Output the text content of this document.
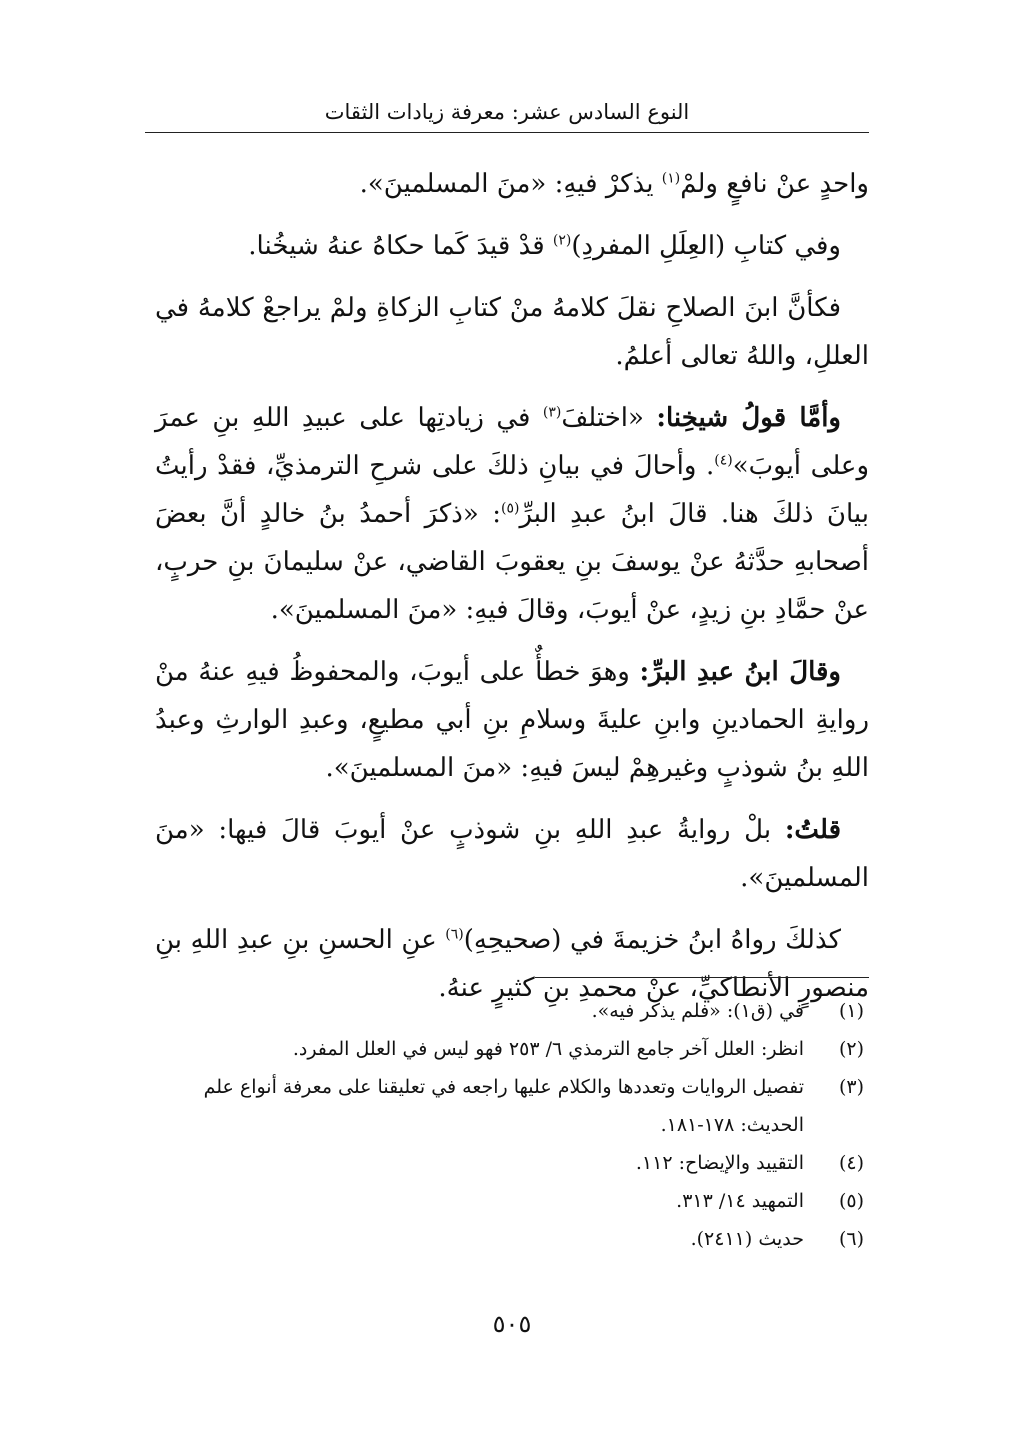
النوع السادس عشر: معرفة زيادات الثقات

واحدٍ عنْ نافعٍ ولمْ$^{(١)}$ يذكرْ فيهِ: «منَ المسلمينَ».

وفي كتابِ (العِلَلِ المفردِ)$^{(٢)}$ قدْ قيدَ كَما حكاهُ عنهُ شيخُنا.

فكأنَّ ابنَ الصلاحِ نقلَ كلامهُ منْ كتابِ الزكاةِ ولمْ يراجعْ كلامهُ في العللِ، واللهُ تعالى أعلمُ.

وأمَّا قولُ شيخِنا: «اختلفَ$^{(٣)}$ في زيادتِها على عبيدِ اللهِ بنِ عمرَ وعلى أيوبَ»$^{(٤)}$. وأحالَ في بيانِ ذلكَ على شرحِ الترمذيِّ، فقدْ رأيتُ بيانَ ذلكَ هنا. قالَ ابنُ عبدِ البرِّ$^{(٥)}$: «ذكرَ أحمدُ بنُ خالدٍ أنَّ بعضَ أصحابهِ حدَّثهُ عنْ يوسفَ بنِ يعقوبَ القاضي، عنْ سليمانَ بنِ حربٍ، عنْ حمَّادِ بنِ زيدٍ، عنْ أيوبَ، وقالَ فيهِ: «منَ المسلمينَ».

وقالَ ابنُ عبدِ البرِّ: وهوَ خطأٌ على أيوبَ، والمحفوظُ فيهِ عنهُ منْ روايةِ الحمادينِ وابنِ عليةَ وسلامِ بنِ أبي مطيعٍ، وعبدِ الوارثِ وعبدُ اللهِ بنُ شوذبٍ وغيرهِمْ ليسَ فيهِ: «منَ المسلمينَ».

قلتُ: بلْ روايةُ عبدِ اللهِ بنِ شوذبٍ عنْ أيوبَ قالَ فيها: «منَ المسلمينَ».

كذلكَ رواهُ ابنُ خزيمةَ في (صحيحِهِ)$^{(٦)}$ عنِ الحسنِ بنِ عبدِ اللهِ بنِ منصورٍ الأنطاكيِّ، عنْ محمدِ بنِ كثيرٍ عنهُ.

(١)
في (ق١): «فلم يذكر فيه».
(٢)
انظر: العلل آخر جامع الترمذي ٦/ ٢٥٣ فهو ليس في العلل المفرد.
(٣)
تفصيل الروايات وتعددها والكلام عليها راجعه في تعليقنا على معرفة أنواع علم الحديث: ١٧٨-١٨١.
(٤)
التقييد والإيضاح: ١١٢.
(٥)
التمهيد ١٤/ ٣١٣.
(٦)
حديث (٢٤١١).
٥٠٥
